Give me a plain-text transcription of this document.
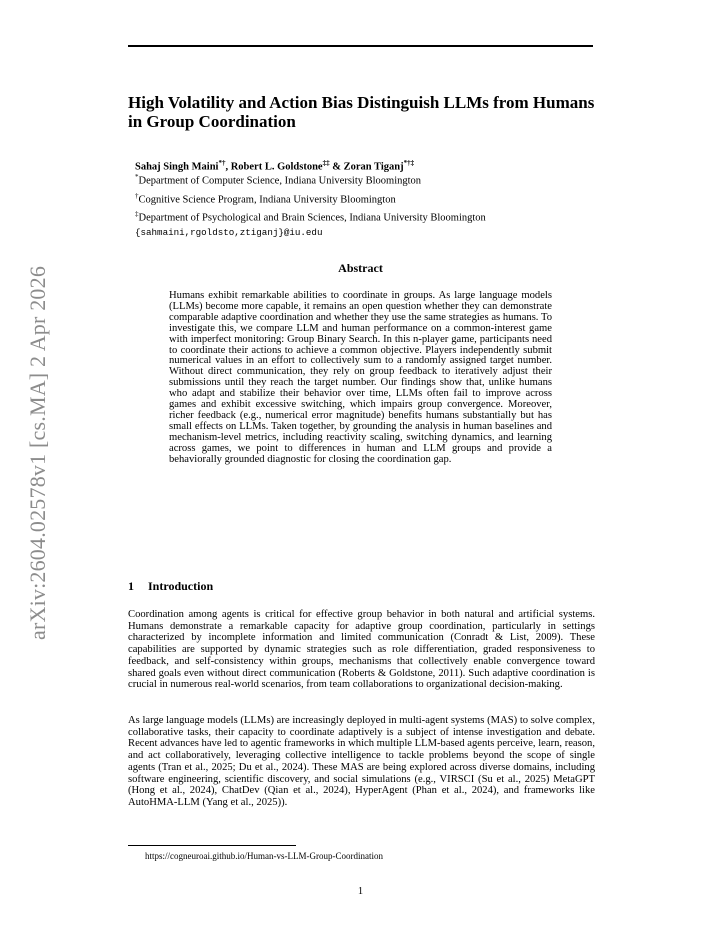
arXiv:2604.02578v1 [cs.MA] 2 Apr 2026
High Volatility and Action Bias Distinguish LLMs from Humans in Group Coordination

Sahaj Singh Maini*†, Robert L. Goldstone‡‡ & Zoran Tiganj*†‡

*Department of Computer Science, Indiana University Bloomington
†Cognitive Science Program, Indiana University Bloomington
‡Department of Psychological and Brain Sciences, Indiana University Bloomington
{sahmaini,rgoldsto,ztiganj}@iu.edu
Abstract

Humans exhibit remarkable abilities to coordinate in groups. As large language models (LLMs) become more capable, it remains an open question whether they can demonstrate comparable adaptive coordination and whether they use the same strategies as humans. To investigate this, we compare LLM and human performance on a common-interest game with imperfect monitoring: Group Binary Search. In this n-player game, participants need to coordinate their actions to achieve a common objective. Players independently submit numerical values in an effort to collectively sum to a randomly assigned target number. Without direct communication, they rely on group feedback to iteratively adjust their submissions until they reach the target number. Our findings show that, unlike humans who adapt and stabilize their behavior over time, LLMs often fail to improve across games and exhibit excessive switching, which impairs group convergence. Moreover, richer feedback (e.g., numerical error magnitude) benefits humans substantially but has small effects on LLMs. Taken together, by grounding the analysis in human baselines and mechanism-level metrics, including reactivity scaling, switching dynamics, and learning across games, we point to differences in human and LLM groups and provide a behaviorally grounded diagnostic for closing the coordination gap.

1 Introduction

Coordination among agents is critical for effective group behavior in both natural and artificial systems. Humans demonstrate a remarkable capacity for adaptive group coordination, particularly in settings characterized by incomplete information and limited communication (Conradt & List, 2009). These capabilities are supported by dynamic strategies such as role differentiation, graded responsiveness to feedback, and self-consistency within groups, mechanisms that collectively enable convergence toward shared goals even without direct communication (Roberts & Goldstone, 2011). Such adaptive coordination is crucial in numerous real-world scenarios, from team collaborations to organizational decision-making.

As large language models (LLMs) are increasingly deployed in multi-agent systems (MAS) to solve complex, collaborative tasks, their capacity to coordinate adaptively is a subject of intense investigation and debate. Recent advances have led to agentic frameworks in which multiple LLM-based agents perceive, learn, reason, and act collaboratively, leveraging collective intelligence to tackle problems beyond the scope of single agents (Tran et al., 2025; Du et al., 2024). These MAS are being explored across diverse domains, including software engineering, scientific discovery, and social simulations (e.g., VIRSCI (Su et al., 2025) MetaGPT (Hong et al., 2024), ChatDev (Qian et al., 2024), HyperAgent (Phan et al., 2024), and frameworks like AutoHMA-LLM (Yang et al., 2025)).

https://cogneuroai.github.io/Human-vs-LLM-Group-Coordination

1
